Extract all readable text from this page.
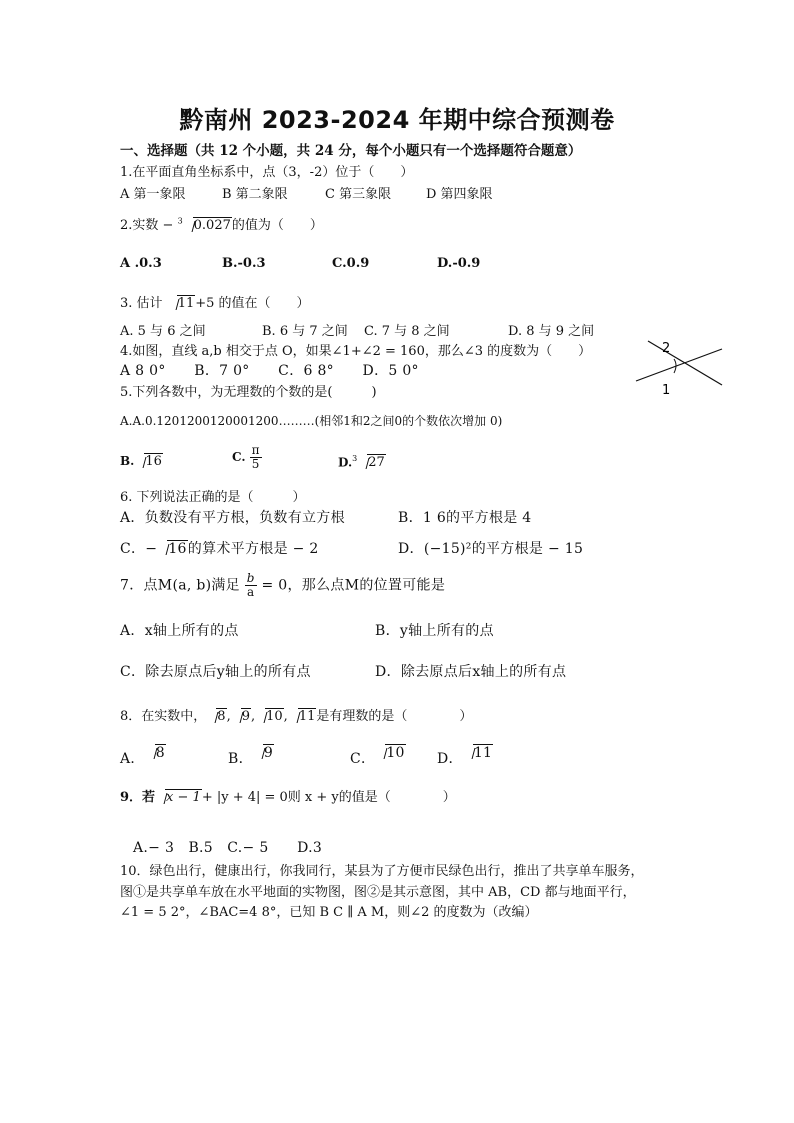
黔南州 2023-2024 年期中综合预测卷
一、选择题（共 12 个小题，共 24 分，每个小题只有一个选择题符合题意）
1.在平面直角坐标系中，点（3，-2）位于（　　）
A 第一象限	B 第二象限	C 第三象限	D 第四象限
2.实数 − $^3$ 0.027的值为（　　）
A .0.3	B.-0.3	C.0.9	D.-0.9
3. 估计 11+5 的值在（　　）
A. 5 与 6 之间	B. 6 与 7 之间 C. 7 与 8 之间	D. 8 与 9 之间
4.如图，直线 a,b 相交于点 O，如果∠1+∠2 = 160，那么∠3 的度数为（　　）
A 8 0°　　B．7 0°　　C．6 8°　　D．5 0°
2
1
5.下列各数中，为无理数的个数的是(　　　)
A.A.0.1201200120001200………(相邻1和2之间0的个数依次增加 0)
B. 16	C. $\frac{\pi}{5}$	D.$^3$ 27
6. 下列说法正确的是（　　　）
A．负数没有平方根，负数有立方根	B．1 6的平方根是 4
C．− 16的算术平方根是 − 2	D．(−15)²的平方根是 − 15
7．点M(a, b)满足 $\frac{b}{a} = 0$，那么点M的位置可能是
A．x轴上所有的点	B．y轴上所有的点
C．除去原点后y轴上的所有点	D．除去原点后x轴上的所有点
8．在实数中， 8, 9, 10, 11是有理数的是（　　　　）
A． 8	B． 9	C． 10 D． 11
9．若 x − 1+ |y + 4| = 0则 x + y的值是（　　　　）
A.− 3　B.5　C.− 5　　D.3
10．绿色出行，健康出行，你我同行，某县为了方便市民绿色出行，推出了共享单车服务，
图①是共享单车放在水平地面的实物图，图②是其示意图，其中 AB，CD 都与地面平行，
∠1 = 5 2°，∠BAC=4 8°，已知 B C ∥ A M，则∠2 的度数为（改编）
